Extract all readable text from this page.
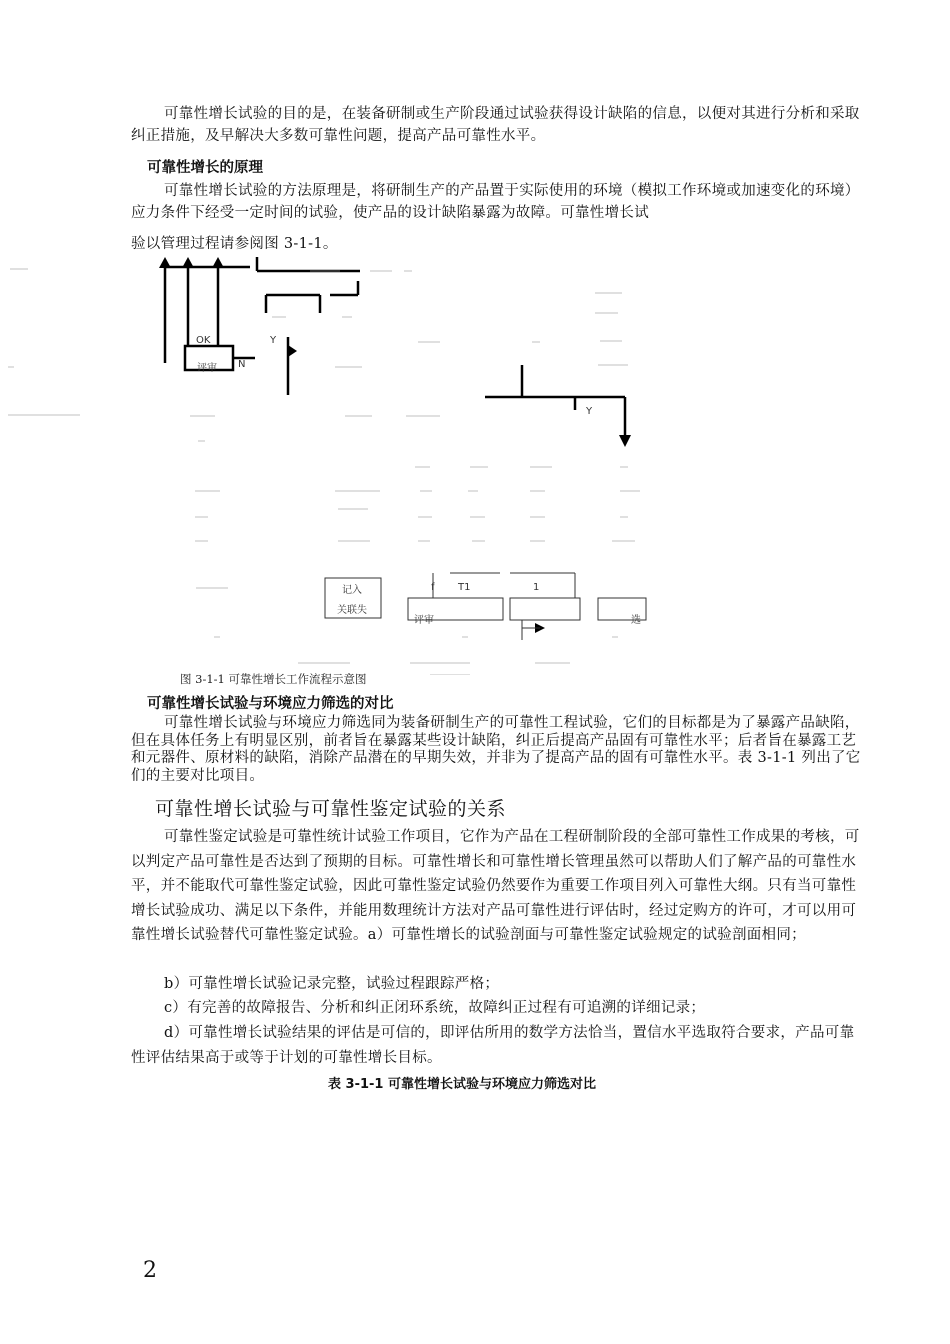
可靠性增长试验的目的是，在装备研制或生产阶段通过试验获得设计缺陷的信息，以便对其进行分析和采取纠正措施，及早解决大多数可靠性问题，提高产品可靠性水平。
可靠性增长的原理
可靠性增长试验的方法原理是，将研制生产的产品置于实际使用的环境（模拟工作环境或加速变化的环境）应力条件下经受一定时间的试验，使产品的设计缺陷暴露为故障。可靠性增长试
验以管理过程请参阅图 3-1-1。
OK
评审
Y
N
Y
记入
关联失
f T1	1
评审	选
图 3-1-1 可靠性增长工作流程示意图
可靠性增长试验与环境应力筛选的对比
可靠性增长试验与环境应力筛选同为装备研制生产的可靠性工程试验，它们的目标都是为了暴露产品缺陷，但在具体任务上有明显区别，前者旨在暴露某些设计缺陷，纠正后提高产品固有可靠性水平；后者旨在暴露工艺和元器件、原材料的缺陷，消除产品潜在的早期失效，并非为了提高产品的固有可靠性水平。表 3-1-1 列出了它们的主要对比项目。
可靠性增长试验与可靠性鉴定试验的关系
可靠性鉴定试验是可靠性统计试验工作项目，它作为产品在工程研制阶段的全部可靠性工作成果的考核，可以判定产品可靠性是否达到了预期的目标。可靠性增长和可靠性增长管理虽然可以帮助人们了解产品的可靠性水平，并不能取代可靠性鉴定试验，因此可靠性鉴定试验仍然要作为重要工作项目列入可靠性大纲。只有当可靠性增长试验成功、满足以下条件，并能用数理统计方法对产品可靠性进行评估时，经过定购方的许可，才可以用可靠性增长试验替代可靠性鉴定试验。a）可靠性增长的试验剖面与可靠性鉴定试验规定的试验剖面相同；
b）可靠性增长试验记录完整，试验过程跟踪严格；
c）有完善的故障报告、分析和纠正闭环系统，故障纠正过程有可追溯的详细记录；
d）可靠性增长试验结果的评估是可信的，即评估所用的数学方法恰当，置信水平选取符合要求，产品可靠性评估结果高于或等于计划的可靠性增长目标。
表 3-1-1 可靠性增长试验与环境应力筛选对比
2
